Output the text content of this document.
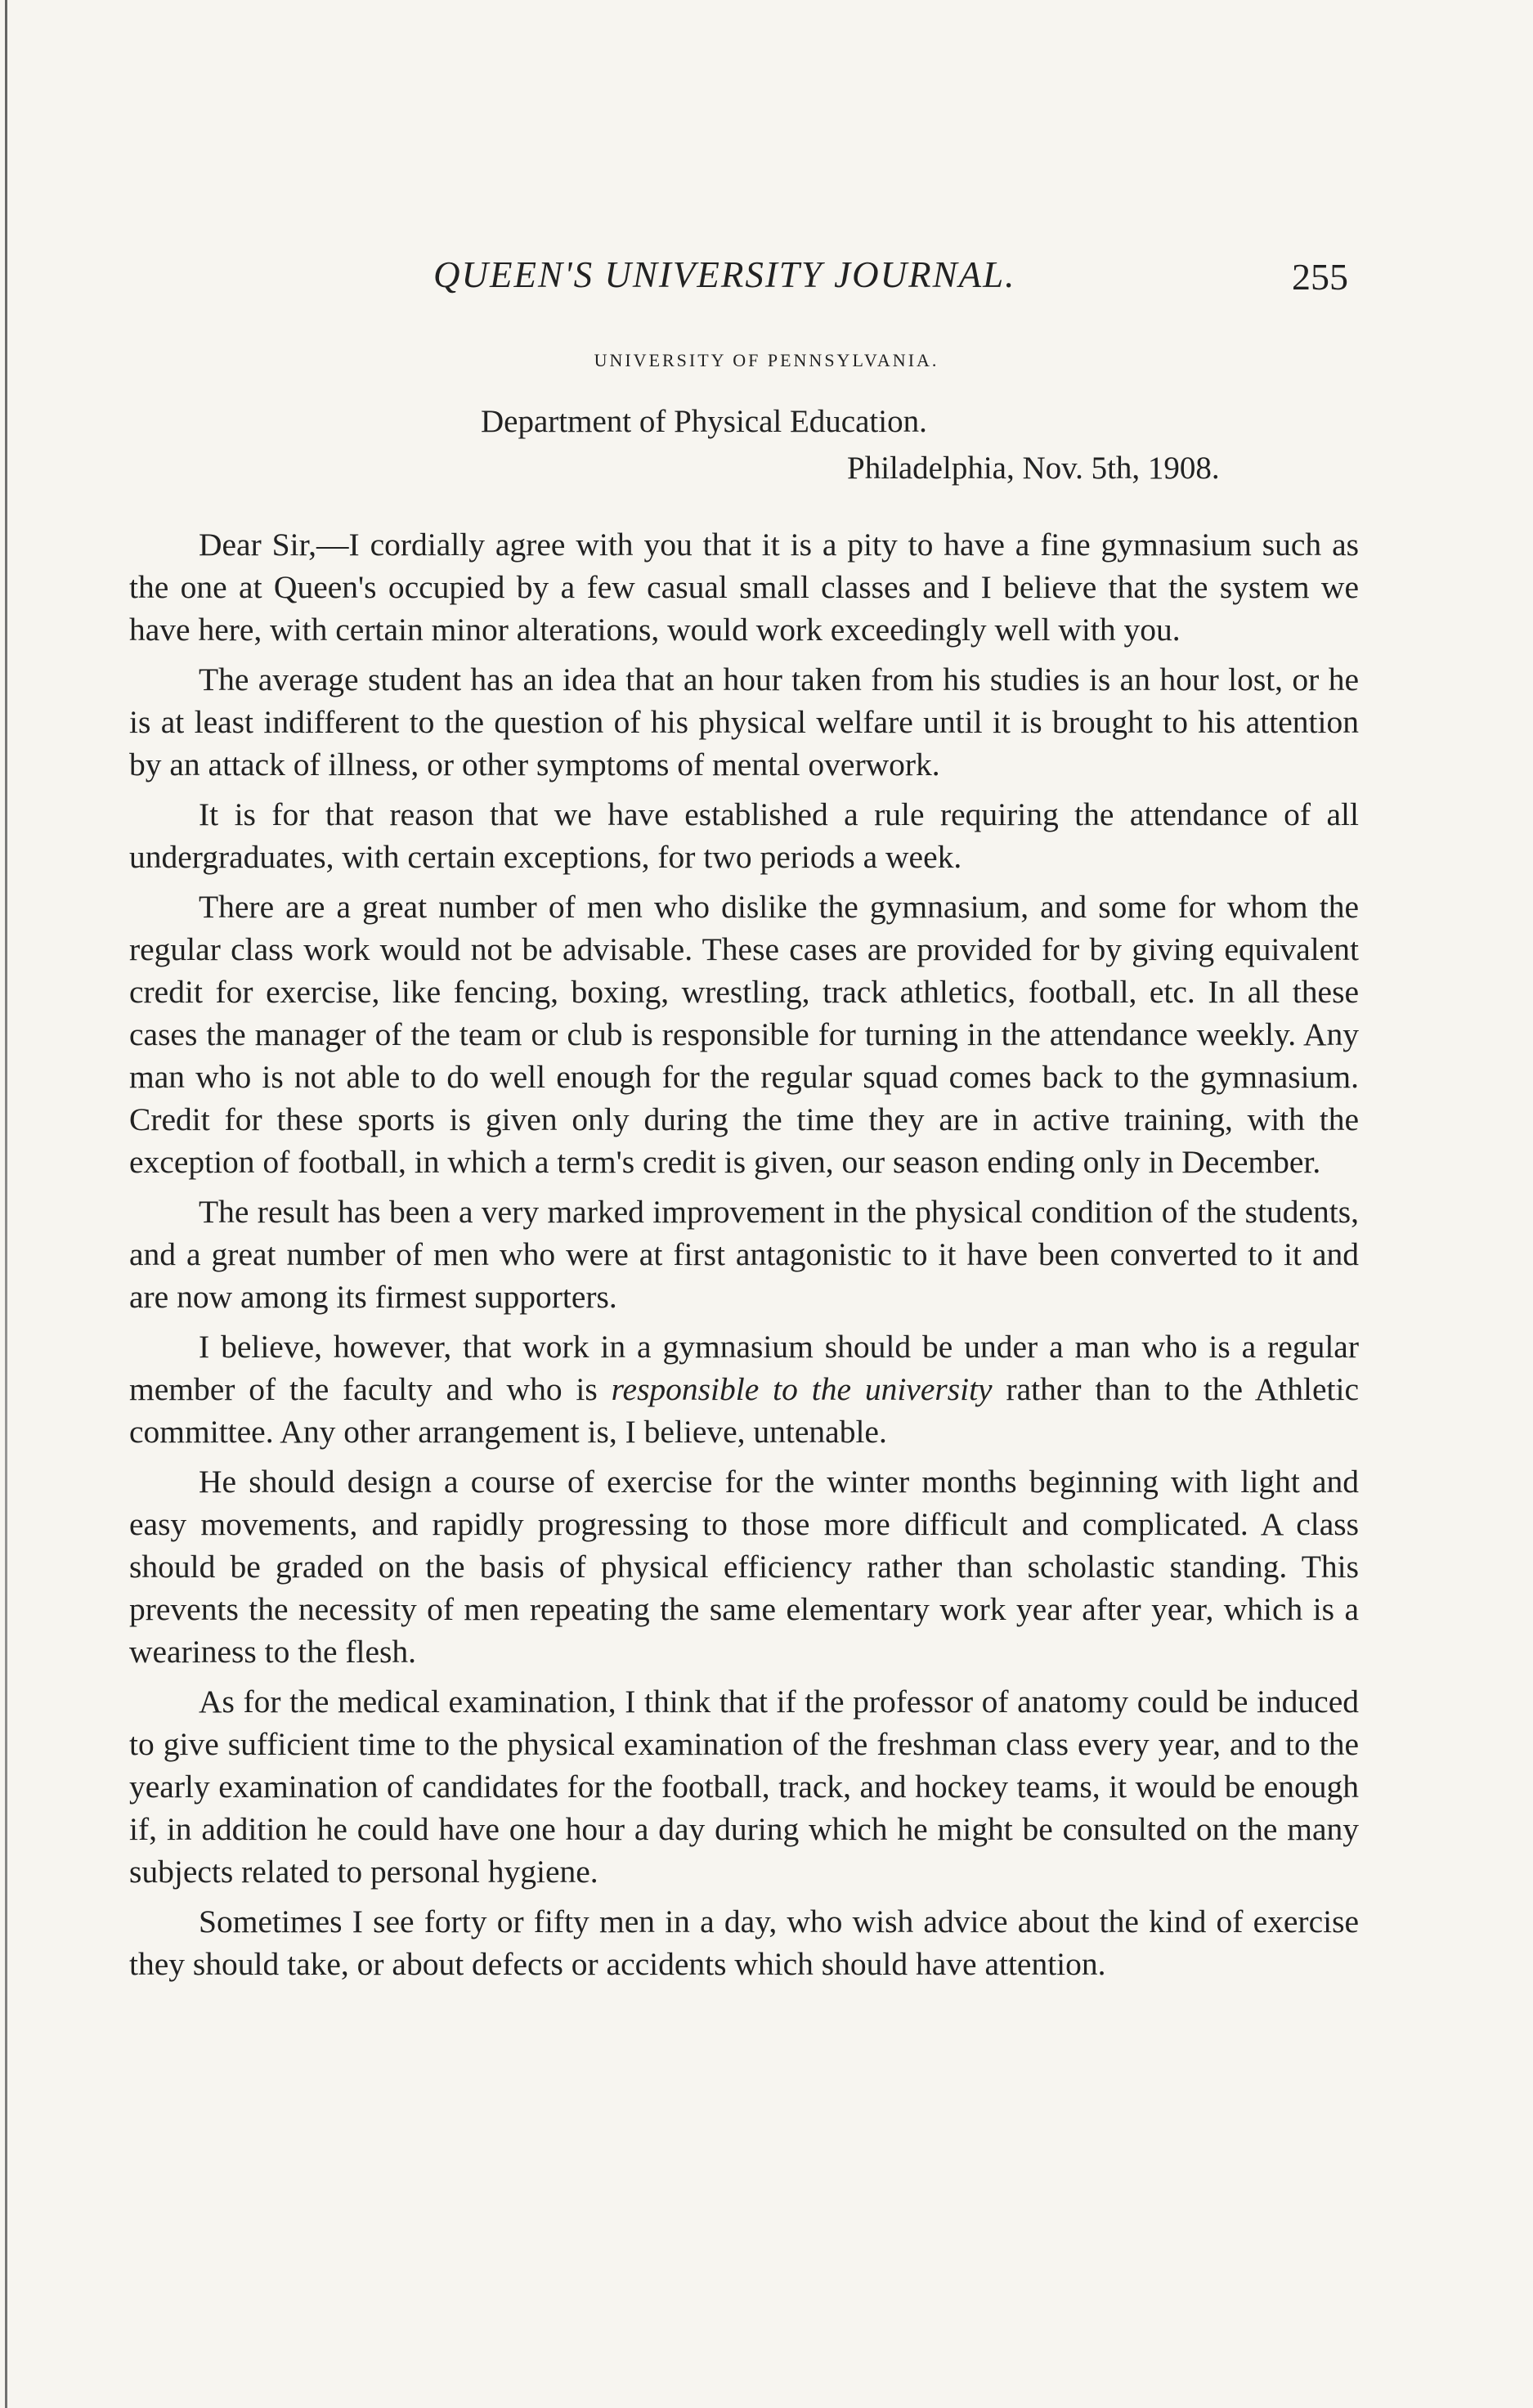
QUEEN'S UNIVERSITY JOURNAL.	255
UNIVERSITY OF PENNSYLVANIA.
Department of Physical Education.
Philadelphia, Nov. 5th, 1908.

Dear Sir,—I cordially agree with you that it is a pity to have a fine gymnasium such as the one at Queen's occupied by a few casual small classes and I believe that the system we have here, with certain minor alterations, would work exceedingly well with you.

The average student has an idea that an hour taken from his studies is an hour lost, or he is at least indifferent to the question of his physical welfare until it is brought to his attention by an attack of illness, or other symptoms of mental overwork.

It is for that reason that we have established a rule requiring the attendance of all undergraduates, with certain exceptions, for two periods a week.

There are a great number of men who dislike the gymnasium, and some for whom the regular class work would not be advisable. These cases are provided for by giving equivalent credit for exercise, like fencing, boxing, wrestling, track athletics, football, etc. In all these cases the manager of the team or club is responsible for turning in the attendance weekly. Any man who is not able to do well enough for the regular squad comes back to the gymnasium. Credit for these sports is given only during the time they are in active training, with the exception of football, in which a term's credit is given, our season ending only in December.

The result has been a very marked improvement in the physical condition of the students, and a great number of men who were at first antagonistic to it have been converted to it and are now among its firmest supporters.

I believe, however, that work in a gymnasium should be under a man who is a regular member of the faculty and who is responsible to the university rather than to the Athletic committee. Any other arrangement is, I believe, untenable.

He should design a course of exercise for the winter months beginning with light and easy movements, and rapidly progressing to those more difficult and complicated. A class should be graded on the basis of physical efficiency rather than scholastic standing. This prevents the necessity of men repeating the same elementary work year after year, which is a weariness to the flesh.

As for the medical examination, I think that if the professor of anatomy could be induced to give sufficient time to the physical examination of the freshman class every year, and to the yearly examination of candidates for the football, track, and hockey teams, it would be enough if, in addition he could have one hour a day during which he might be consulted on the many subjects related to personal hygiene.

Sometimes I see forty or fifty men in a day, who wish advice about the kind of exercise they should take, or about defects or accidents which should have attention.
